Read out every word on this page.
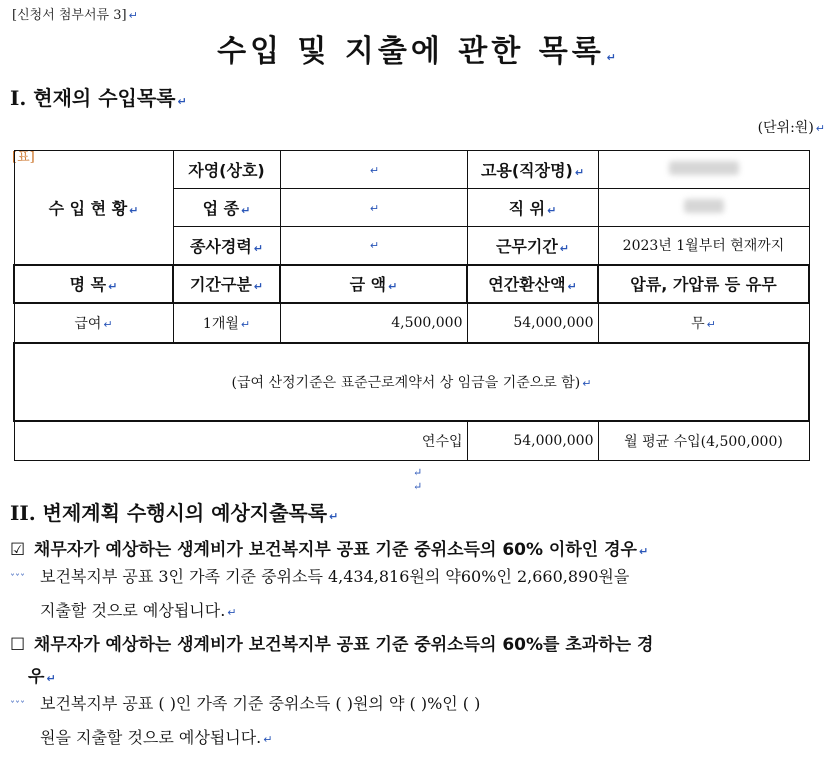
[신청서 첨부서류 3] ↵
수입 및 지출에 관한 목록 ↵
I. 현재의 수입목록 ↵
(단위:원) ↵
[표]
수 입 현 황 ↵	자영(상호)	↵	고용(직장명) ↵	
	업 종 ↵	↵	직 위 ↵	
	종사경력 ↵	↵	근무기간 ↵	2023년 1월부터 현재까지
명 목 ↵	기간구분 ↵	금 액 ↵	연간환산액 ↵	압류, 가압류 등 유무
급여 ↵	1개월 ↵	4,500,000	54,000,000	무 ↵
(급여 산정기준은 표준근로계약서 상 임금을 기준으로 함) ↵				
연수입			54,000,000	월 평균 수입(4,500,000)
↵
↵
II. 변제계획 수행시의 예상지출목록 ↵
☑ 채무자가 예상하는 생계비가 보건복지부 공표 기준 중위소득의 60% 이하인 경우 ↵
ˇˇˇ 보건복지부 공표 3인 가족 기준 중위소득 4,434,816원의 약60%인 2,660,890원을
지출할 것으로 예상됩니다. ↵
☐ 채무자가 예상하는 생계비가 보건복지부 공표 기준 중위소득의 60%를 초과하는 경
우 ↵
ˇˇˇ 보건복지부 공표 ( )인 가족 기준 중위소득 ( )원의 약 ( )%인 ( )
원을 지출할 것으로 예상됩니다. ↵
